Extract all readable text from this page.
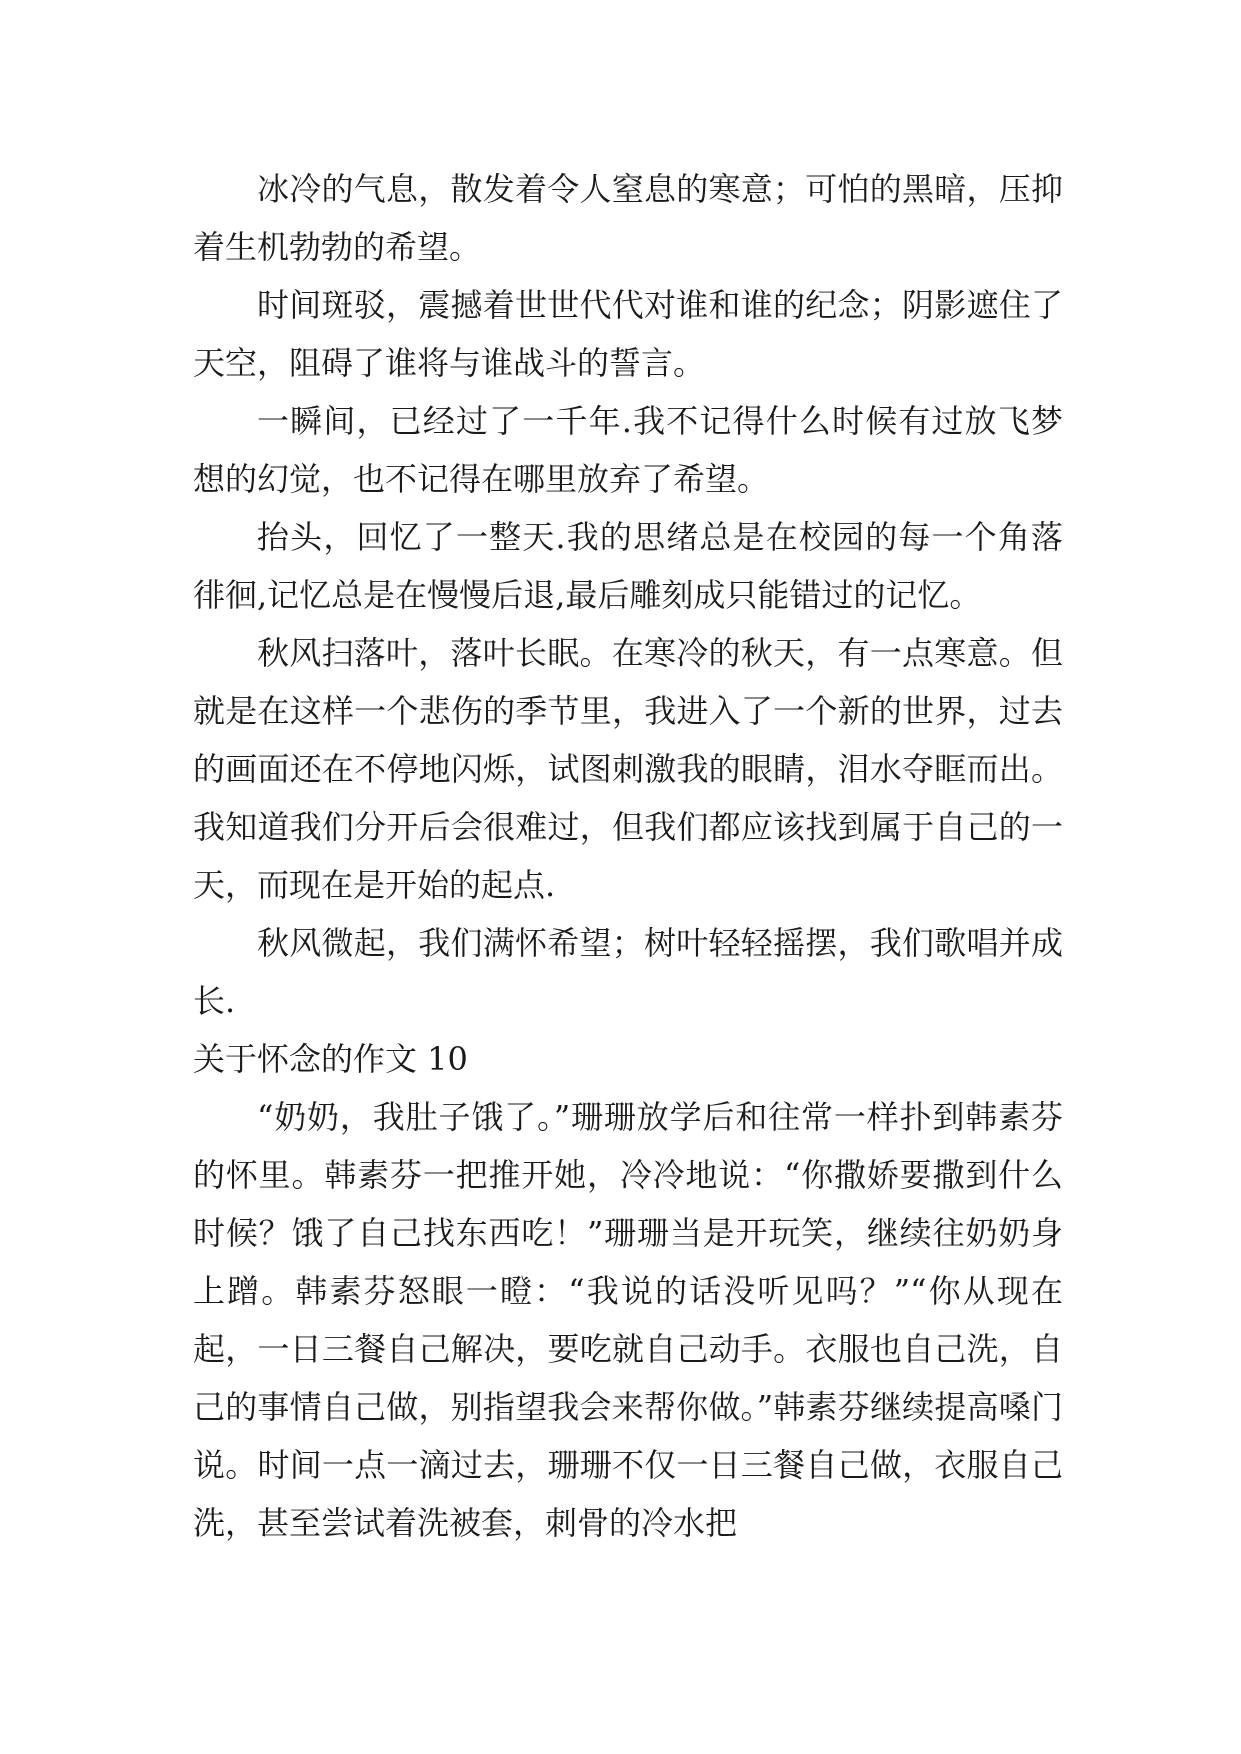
冰冷的气息，散发着令人窒息的寒意；可怕的黑暗，压抑着生机勃勃的希望。

时间斑驳，震撼着世世代代对谁和谁的纪念；阴影遮住了天空，阻碍了谁将与谁战斗的誓言。

一瞬间，已经过了一千年.我不记得什么时候有过放飞梦想的幻觉，也不记得在哪里放弃了希望。

抬头，回忆了一整天.我的思绪总是在校园的每一个角落徘徊,记忆总是在慢慢后退,最后雕刻成只能错过的记忆。

秋风扫落叶，落叶长眠。在寒冷的秋天，有一点寒意。但就是在这样一个悲伤的季节里，我进入了一个新的世界，过去的画面还在不停地闪烁，试图刺激我的眼睛，泪水夺眶而出。我知道我们分开后会很难过，但我们都应该找到属于自己的一天，而现在是开始的起点.

秋风微起，我们满怀希望；树叶轻轻摇摆，我们歌唱并成长.

关于怀念的作文 10

“奶奶，我肚子饿了。”珊珊放学后和往常一样扑到韩素芬的怀里。韩素芬一把推开她，冷冷地说：“你撒娇要撒到什么时候？饿了自己找东西吃！”珊珊当是开玩笑，继续往奶奶身上蹭。韩素芬怒眼一瞪：“我说的话没听见吗？”“你从现在起，一日三餐自己解决，要吃就自己动手。衣服也自己洗，自己的事情自己做，别指望我会来帮你做。”韩素芬继续提高嗓门说。时间一点一滴过去，珊珊不仅一日三餐自己做，衣服自己洗，甚至尝试着洗被套，刺骨的冷水把
